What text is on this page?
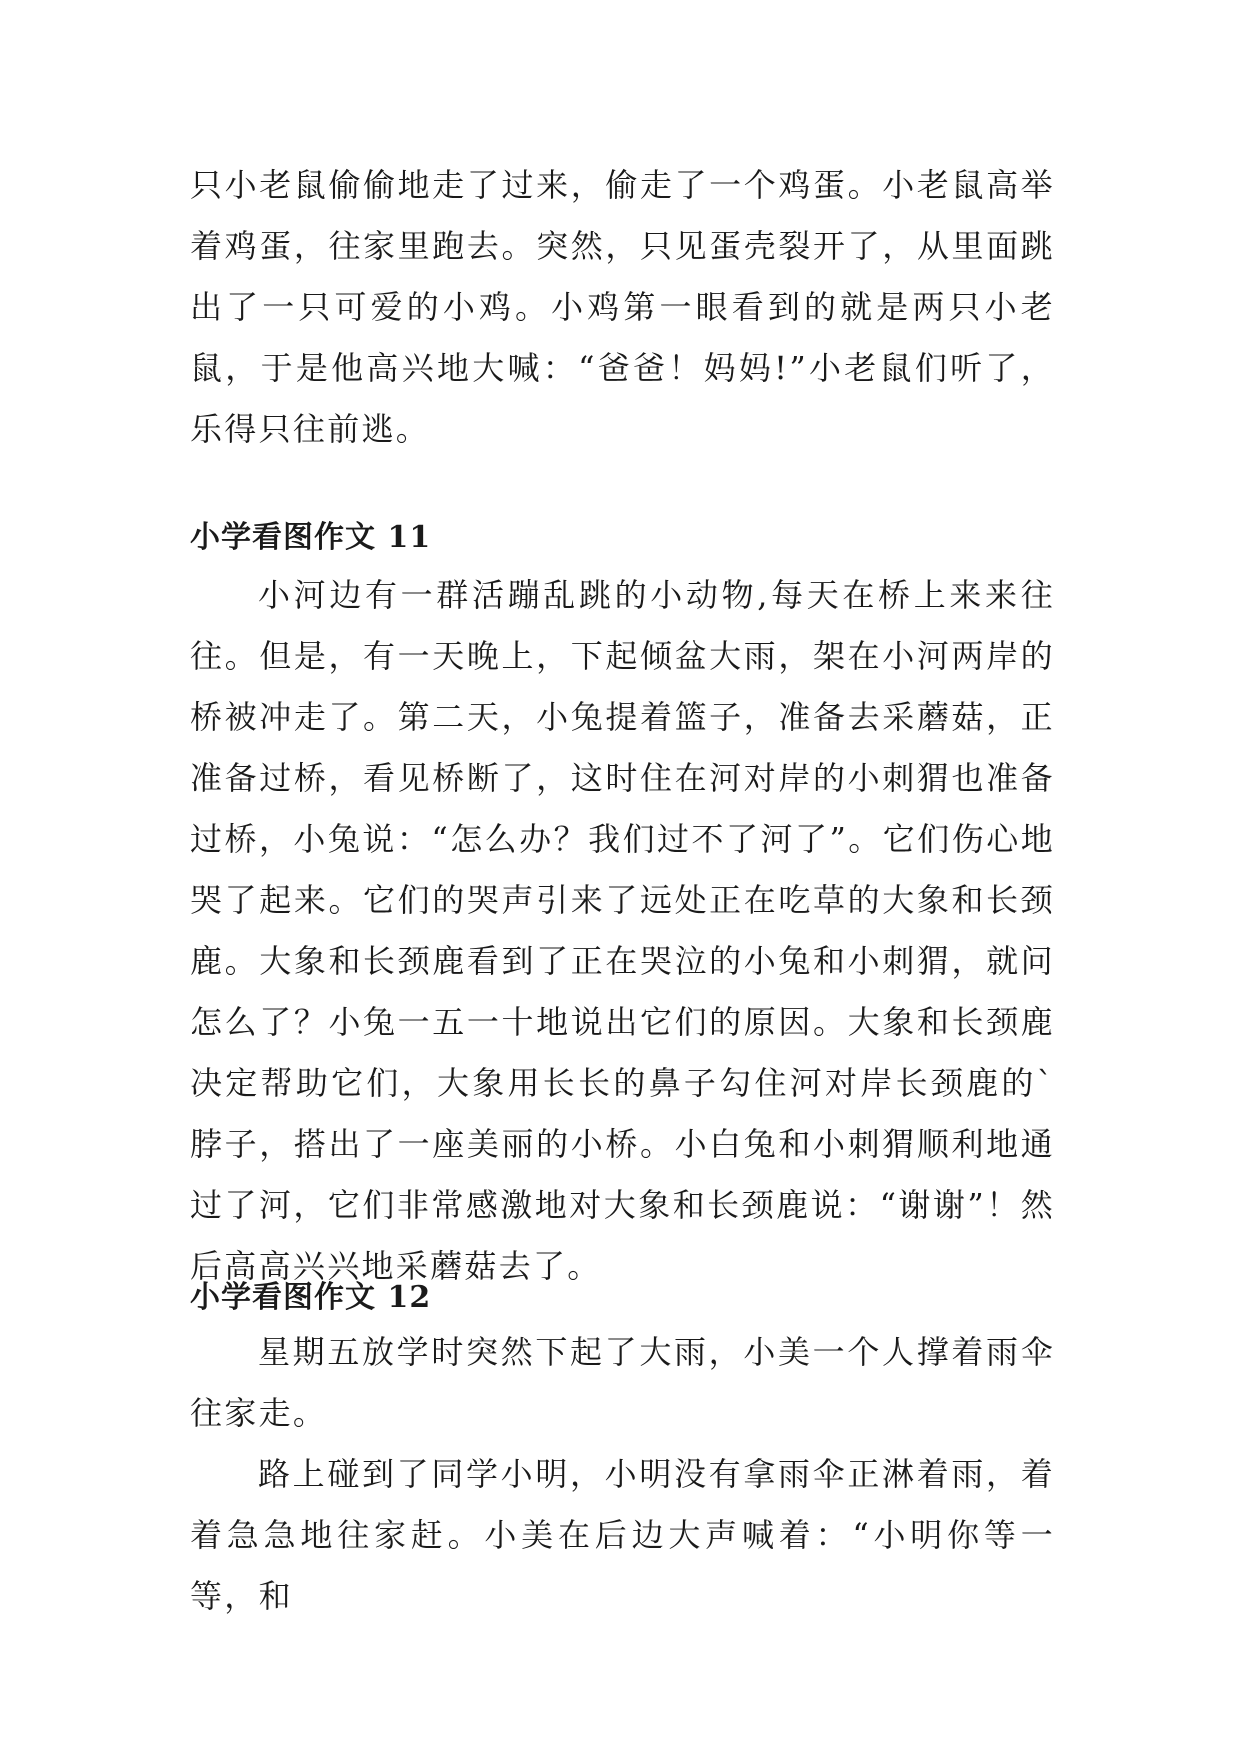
只小老鼠偷偷地走了过来，偷走了一个鸡蛋。小老鼠高举着鸡蛋，往家里跑去。突然，只见蛋壳裂开了，从里面跳出了一只可爱的小鸡。小鸡第一眼看到的就是两只小老鼠，于是他高兴地大喊：“爸爸！妈妈!”小老鼠们听了，乐得只往前逃。

小学看图作文 11

小河边有一群活蹦乱跳的小动物,每天在桥上来来往往。但是，有一天晚上，下起倾盆大雨，架在小河两岸的桥被冲走了。第二天，小兔提着篮子，准备去采蘑菇，正准备过桥，看见桥断了，这时住在河对岸的小刺猬也准备过桥，小兔说：“怎么办？我们过不了河了”。它们伤心地哭了起来。它们的哭声引来了远处正在吃草的大象和长颈鹿。大象和长颈鹿看到了正在哭泣的小兔和小刺猬，就问怎么了？小兔一五一十地说出它们的原因。大象和长颈鹿决定帮助它们，大象用长长的鼻子勾住河对岸长颈鹿的`脖子，搭出了一座美丽的小桥。小白兔和小刺猬顺利地通过了河，它们非常感激地对大象和长颈鹿说：“谢谢”！然后高高兴兴地采蘑菇去了。

小学看图作文 12

星期五放学时突然下起了大雨，小美一个人撑着雨伞往家走。

路上碰到了同学小明，小明没有拿雨伞正淋着雨，着着急急地往家赶。小美在后边大声喊着：“小明你等一等，和
